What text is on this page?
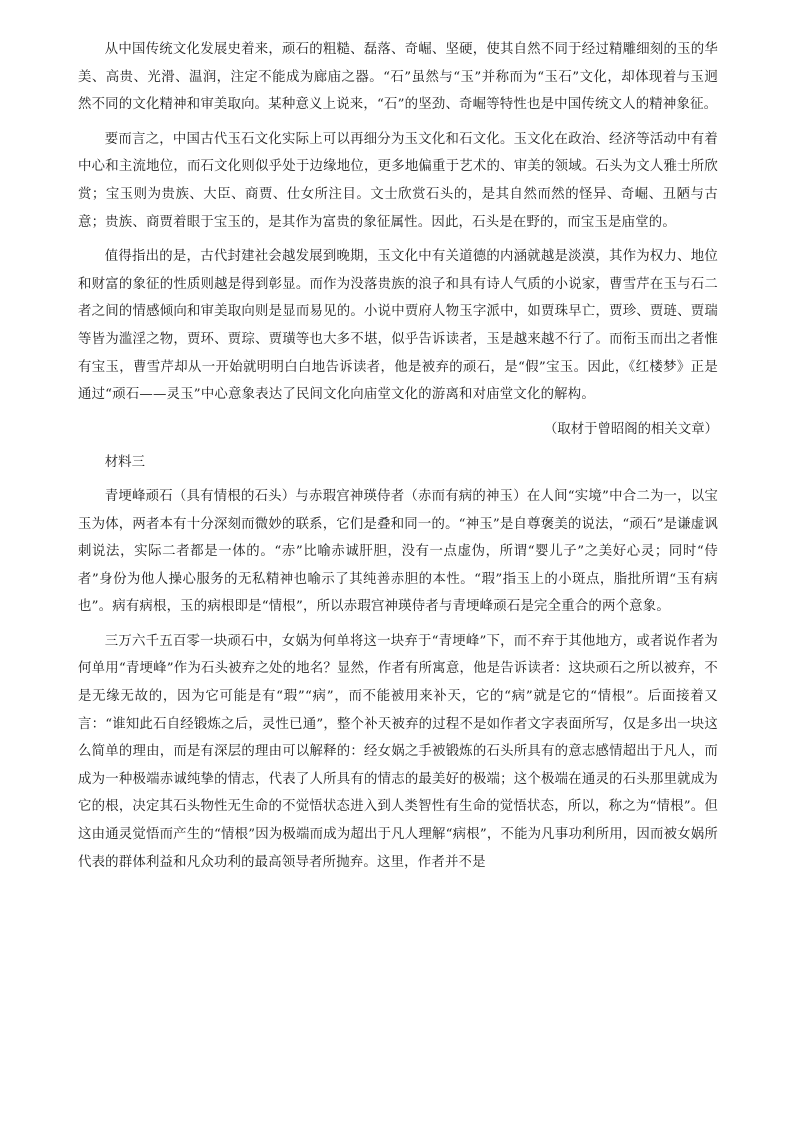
从中国传统文化发展史着来，顽石的粗糙、磊落、奇崛、坚硬，使其自然不同于经过精雕细刻的玉的华美、高贵、光滑、温润，注定不能成为廊庙之器。“石”虽然与“玉”并称而为“玉石”文化，却体现着与玉迥然不同的文化精神和审美取向。某种意义上说来，“石”的坚劲、奇崛等特性也是中国传统文人的精神象征。

要而言之，中国古代玉石文化实际上可以再细分为玉文化和石文化。玉文化在政治、经济等活动中有着中心和主流地位，而石文化则似乎处于边缘地位，更多地偏重于艺术的、审美的领域。石头为文人雅士所欣赏；宝玉则为贵族、大臣、商贾、仕女所注目。文士欣赏石头的，是其自然而然的怪异、奇崛、丑陋与古意；贵族、商贾着眼于宝玉的，是其作为富贵的象征属性。因此，石头是在野的，而宝玉是庙堂的。

值得指出的是，古代封建社会越发展到晚期，玉文化中有关道德的内涵就越是淡漠，其作为权力、地位和财富的象征的性质则越是得到彰显。而作为没落贵族的浪子和具有诗人气质的小说家，曹雪芹在玉与石二者之间的情感倾向和审美取向则是显而易见的。小说中贾府人物玉字派中，如贾珠早亡，贾珍、贾琏、贾瑞等皆为滥淫之物，贾环、贾琮、贾璜等也大多不堪，似乎告诉读者，玉是越来越不行了。而衔玉而出之者惟有宝玉，曹雪芹却从一开始就明明白白地告诉读者，他是被弃的顽石，是“假”宝玉。因此，《红楼梦》正是通过“顽石——灵玉”中心意象表达了民间文化向庙堂文化的游离和对庙堂文化的解构。

（取材于曾昭阁的相关文章）

材料三

青埂峰顽石（具有情根的石头）与赤瑕宫神瑛侍者（赤而有病的神玉）在人间“实境”中合二为一，以宝玉为体，两者本有十分深刻而微妙的联系，它们是叠和同一的。“神玉”是自尊褒美的说法，“顽石”是谦虚讽刺说法，实际二者都是一体的。“赤”比喻赤诚肝胆，没有一点虚伪，所谓“婴儿子”之美好心灵；同时“侍者”身份为他人操心服务的无私精神也喻示了其纯善赤胆的本性。“瑕”指玉上的小斑点，脂批所谓“玉有病也”。病有病根，玉的病根即是“情根”，所以赤瑕宫神瑛侍者与青埂峰顽石是完全重合的两个意象。

三万六千五百零一块顽石中，女娲为何单将这一块弃于“青埂峰”下，而不弃于其他地方，或者说作者为何单用“青埂峰”作为石头被弃之处的地名？显然，作者有所寓意，他是告诉读者：这块顽石之所以被弃，不是无缘无故的，因为它可能是有“瑕”“病”，而不能被用来补天，它的“病”就是它的“情根”。后面接着又言：“谁知此石自经锻炼之后，灵性已通”，整个补天被弃的过程不是如作者文字表面所写，仅是多出一块这么简单的理由，而是有深层的理由可以解释的：经女娲之手被锻炼的石头所具有的意志感情超出于凡人，而成为一种极端赤诚纯挚的情志，代表了人所具有的情志的最美好的极端；这个极端在通灵的石头那里就成为它的根，决定其石头物性无生命的不觉悟状态进入到人类智性有生命的觉悟状态，所以，称之为“情根”。但这由通灵觉悟而产生的“情根”因为极端而成为超出于凡人理解“病根”，不能为凡事功利所用，因而被女娲所代表的群体利益和凡众功利的最高领导者所抛弃。这里，作者并不是
